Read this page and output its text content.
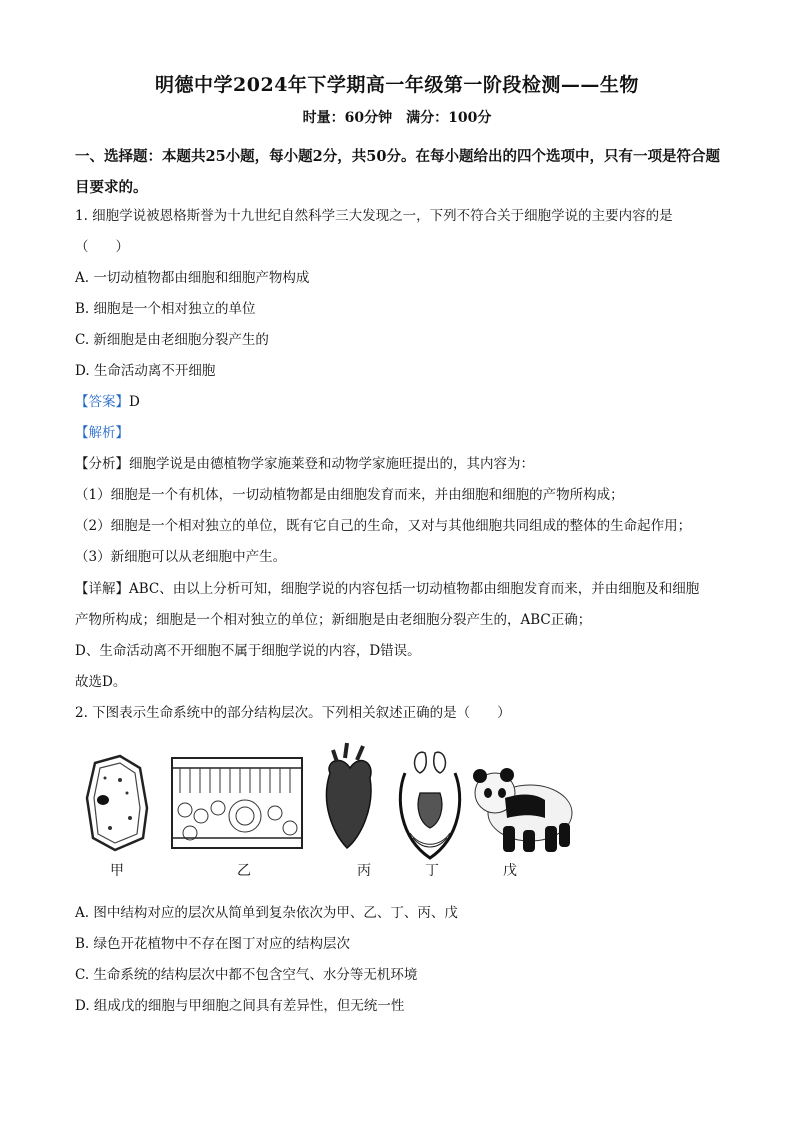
明德中学2024年下学期高一年级第一阶段检测——生物
时量：60分钟　满分：100分
一、选择题：本题共25小题，每小题2分，共50分。在每小题给出的四个选项中，只有一项是符合题目要求的。
1. 细胞学说被恩格斯誉为十九世纪自然科学三大发现之一，下列不符合关于细胞学说的主要内容的是
（　　）
A. 一切动植物都由细胞和细胞产物构成
B. 细胞是一个相对独立的单位
C. 新细胞是由老细胞分裂产生的
D. 生命活动离不开细胞
【答案】D
【解析】
【分析】细胞学说是由德植物学家施莱登和动物学家施旺提出的，其内容为：
（1）细胞是一个有机体，一切动植物都是由细胞发育而来，并由细胞和细胞的产物所构成；
（2）细胞是一个相对独立的单位，既有它自己的生命，又对与其他细胞共同组成的整体的生命起作用；
（3）新细胞可以从老细胞中产生。
【详解】ABC、由以上分析可知，细胞学说的内容包括一切动植物都由细胞发育而来，并由细胞及和细胞
产物所构成；细胞是一个相对独立的单位；新细胞是由老细胞分裂产生的，ABC正确；
D、生命活动离不开细胞不属于细胞学说的内容，D错误。
故选D。
2. 下图表示生命系统中的部分结构层次。下列相关叙述正确的是（　　）
甲	乙	丙	丁	戊
A. 图中结构对应的层次从简单到复杂依次为甲、乙、丁、丙、戊
B. 绿色开花植物中不存在图丁对应的结构层次
C. 生命系统的结构层次中都不包含空气、水分等无机环境
D. 组成戊的细胞与甲细胞之间具有差异性，但无统一性
